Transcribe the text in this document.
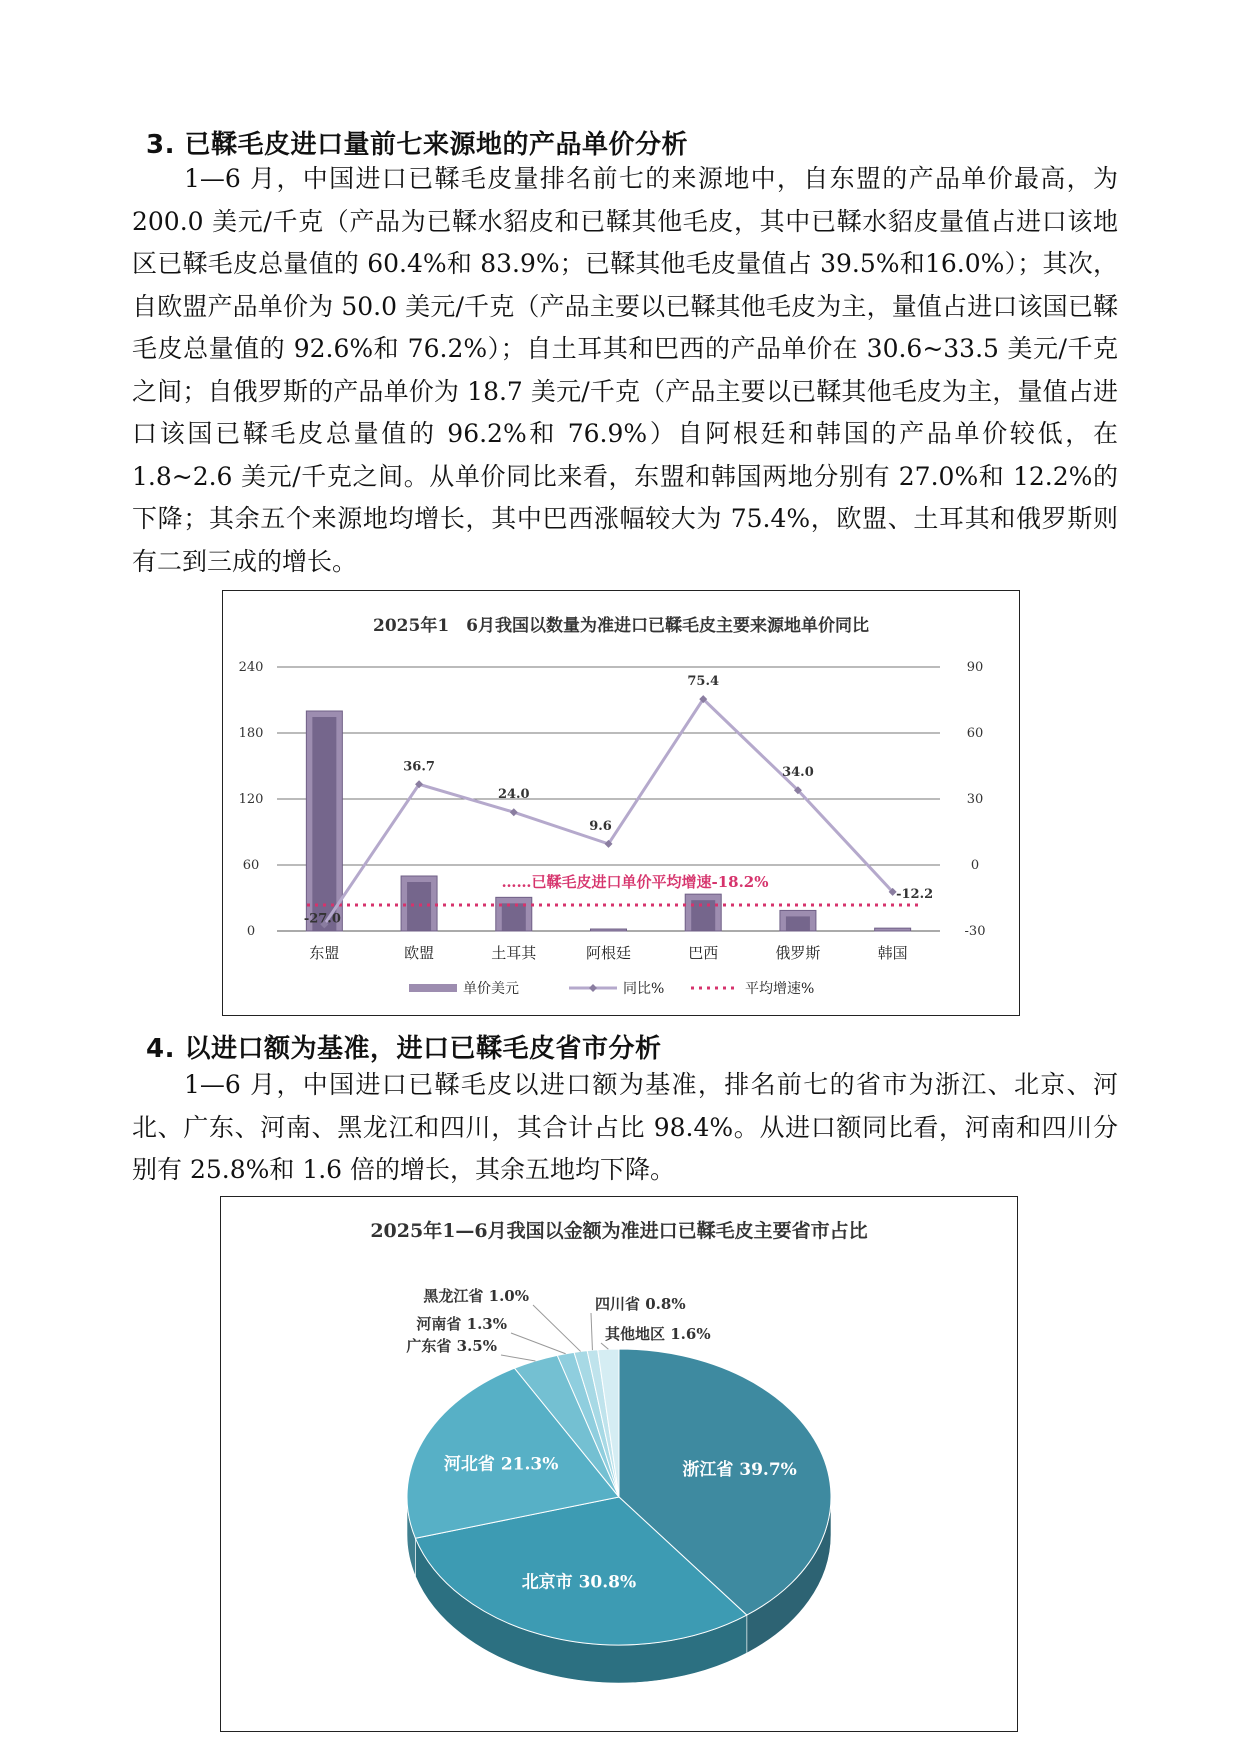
3. 已鞣毛皮进口量前七来源地的产品单价分析

1—6 月，中国进口已鞣毛皮量排名前七的来源地中，自东盟的产品单价最高，为 200.0 美元/千克（产品为已鞣水貂皮和已鞣其他毛皮，其中已鞣水貂皮量值占进口该地区已鞣毛皮总量值的 60.4%和 83.9%；已鞣其他毛皮量值占 39.5%和16.0%）；其次，自欧盟产品单价为 50.0 美元/千克（产品主要以已鞣其他毛皮为主，量值占进口该国已鞣毛皮总量值的 92.6%和 76.2%）；自土耳其和巴西的产品单价在 30.6~33.5 美元/千克之间；自俄罗斯的产品单价为 18.7 美元/千克（产品主要以已鞣其他毛皮为主，量值占进口该国已鞣毛皮总量值的 96.2%和 76.9%）自阿根廷和韩国的产品单价较低，在 1.8~2.6 美元/千克之间。从单价同比来看，东盟和韩国两地分别有 27.0%和 12.2%的下降；其余五个来源地均增长，其中巴西涨幅较大为 75.4%，欧盟、土耳其和俄罗斯则有二到三成的增长。

2025年1　6月我国以数量为准进口已鞣毛皮主要来源地单价同比
-27.0
36.7
24.0
9.6
75.4
34.0
-12.2
……已鞣毛皮进口单价平均增速-18.2%
240
180
120
60
0
90
60
30
0
-30
东盟	欧盟	土耳其	阿根廷	巴西	俄罗斯	韩国
单价美元	同比%	平均增速%
4. 以进口额为基准，进口已鞣毛皮省市分析

1—6 月，中国进口已鞣毛皮以进口额为基准，排名前七的省市为浙江、北京、河北、广东、河南、黑龙江和四川，其合计占比 98.4%。从进口额同比看，河南和四川分别有 25.8%和 1.6 倍的增长，其余五地均下降。

2025年1—6月我国以金额为准进口已鞣毛皮主要省市占比
浙江省 39.7%
北京市 30.8%
河北省 21.3%
广东省 3.5%
河南省 1.3%
黑龙江省 1.0%	四川省 0.8%
其他地区 1.6%
